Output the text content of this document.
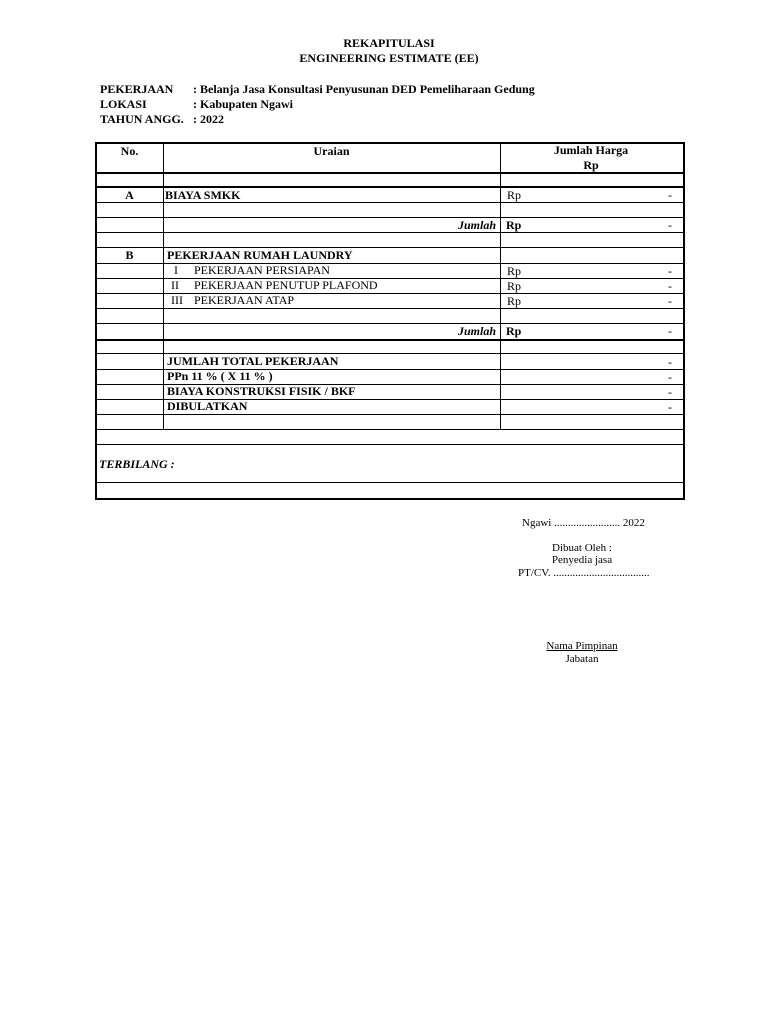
REKAPITULASI
ENGINEERING ESTIMATE (EE)
PEKERJAAN : Belanja Jasa Konsultasi Penyusunan DED Pemeliharaan Gedung
LOKASI	: Kabupaten Ngawi
TAHUN ANGG. : 2022
No.	Uraian	Jumlah Harga
Rp
A	BIAYA SMKK	Rp	-
Jumlah Rp	-
B	PEKERJAAN RUMAH LAUNDRY
I PEKERJAAN PERSIAPAN	Rp	-
II PEKERJAAN PENUTUP PLAFOND	Rp	-
III PEKERJAAN ATAP	Rp	-
Jumlah Rp	-
JUMLAH TOTAL PEKERJAAN	-
PPn 11 % ( X 11 % )	-
BIAYA KONSTRUKSI FISIK / BKF	-
DIBULATKAN	-
TERBILANG :
Ngawi ........................ 2022
Dibuat Oleh :
Penyedia jasa
PT/CV. ...................................
Nama Pimpinan
Jabatan
